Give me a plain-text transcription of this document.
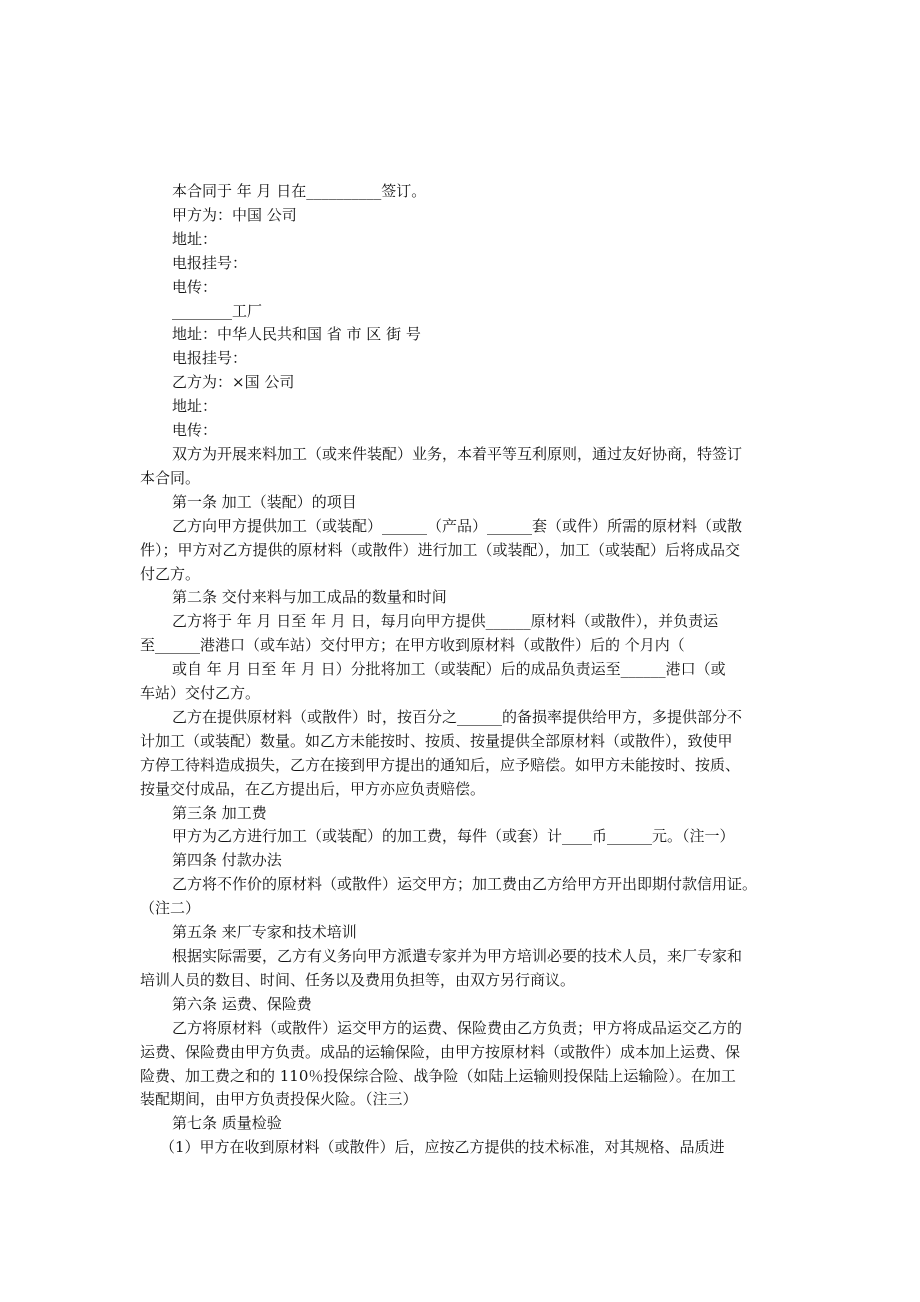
本合同于 年 月 日在__________签订。
甲方为：中国 公司
地址：
电报挂号：
电传：
________工厂
地址：中华人民共和国 省 市 区 街 号
电报挂号：
乙方为：×国 公司
地址：
电传：
双方为开展来料加工（或来件装配）业务，本着平等互利原则，通过友好协商，特签订
本合同。
第一条 加工（装配）的项目
乙方向甲方提供加工（或装配）______（产品）______套（或件）所需的原材料（或散
件）；甲方对乙方提供的原材料（或散件）进行加工（或装配），加工（或装配）后将成品交
付乙方。
第二条 交付来料与加工成品的数量和时间
乙方将于 年 月 日至 年 月 日，每月向甲方提供______原材料（或散件），并负责运
至______港港口（或车站）交付甲方；在甲方收到原材料（或散件）后的 个月内（
或自 年 月 日至 年 月 日）分批将加工（或装配）后的成品负责运至______港口（或
车站）交付乙方。
乙方在提供原材料（或散件）时，按百分之______的备损率提供给甲方，多提供部分不
计加工（或装配）数量。如乙方未能按时、按质、按量提供全部原材料（或散件），致使甲
方停工待料造成损失，乙方在接到甲方提出的通知后，应予赔偿。如甲方未能按时、按质、
按量交付成品，在乙方提出后，甲方亦应负责赔偿。
第三条 加工费
甲方为乙方进行加工（或装配）的加工费，每件（或套）计____币______元。（注一）
第四条 付款办法
乙方将不作价的原材料（或散件）运交甲方；加工费由乙方给甲方开出即期付款信用证。
（注二）
第五条 来厂专家和技术培训
根据实际需要，乙方有义务向甲方派遣专家并为甲方培训必要的技术人员，来厂专家和
培训人员的数目、时间、任务以及费用负担等，由双方另行商议。
第六条 运费、保险费
乙方将原材料（或散件）运交甲方的运费、保险费由乙方负责；甲方将成品运交乙方的
运费、保险费由甲方负责。成品的运输保险，由甲方按原材料（或散件）成本加上运费、保
险费、加工费之和的 110％投保综合险、战争险（如陆上运输则投保陆上运输险）。在加工
装配期间，由甲方负责投保火险。（注三）
第七条 质量检验
（1）甲方在收到原材料（或散件）后，应按乙方提供的技术标准，对其规格、品质进
